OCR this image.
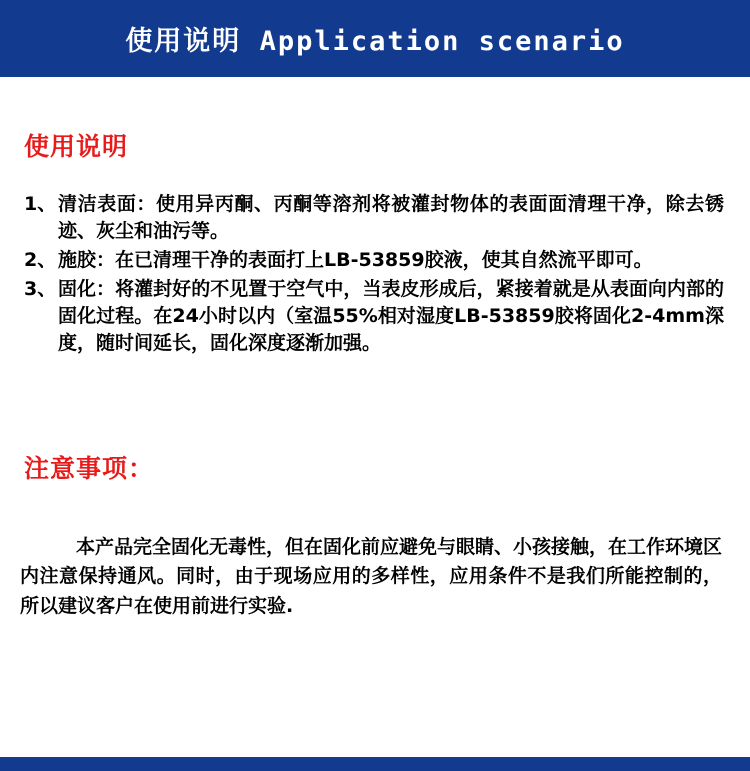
使用说明 Application scenario
使用说明
1、 清洁表面：使用异丙酮、丙酮等溶剂将被灌封物体的表面面清理干净，除去锈迹、灰尘和油污等。
2、 施胶：在已清理干净的表面打上LB-53859胶液，使其自然流平即可。
3、 固化：将灌封好的不见置于空气中，当表皮形成后，紧接着就是从表面向内部的固化过程。在24小时以内（室温55%相对湿度LB-53859胶将固化2-4mm深度，随时间延长，固化深度逐渐加强。
注意事项：
本产品完全固化无毒性，但在固化前应避免与眼睛、小孩接触，在工作环境区内注意保持通风。同时，由于现场应用的多样性，应用条件不是我们所能控制的，所以建议客户在使用前进行实验.
